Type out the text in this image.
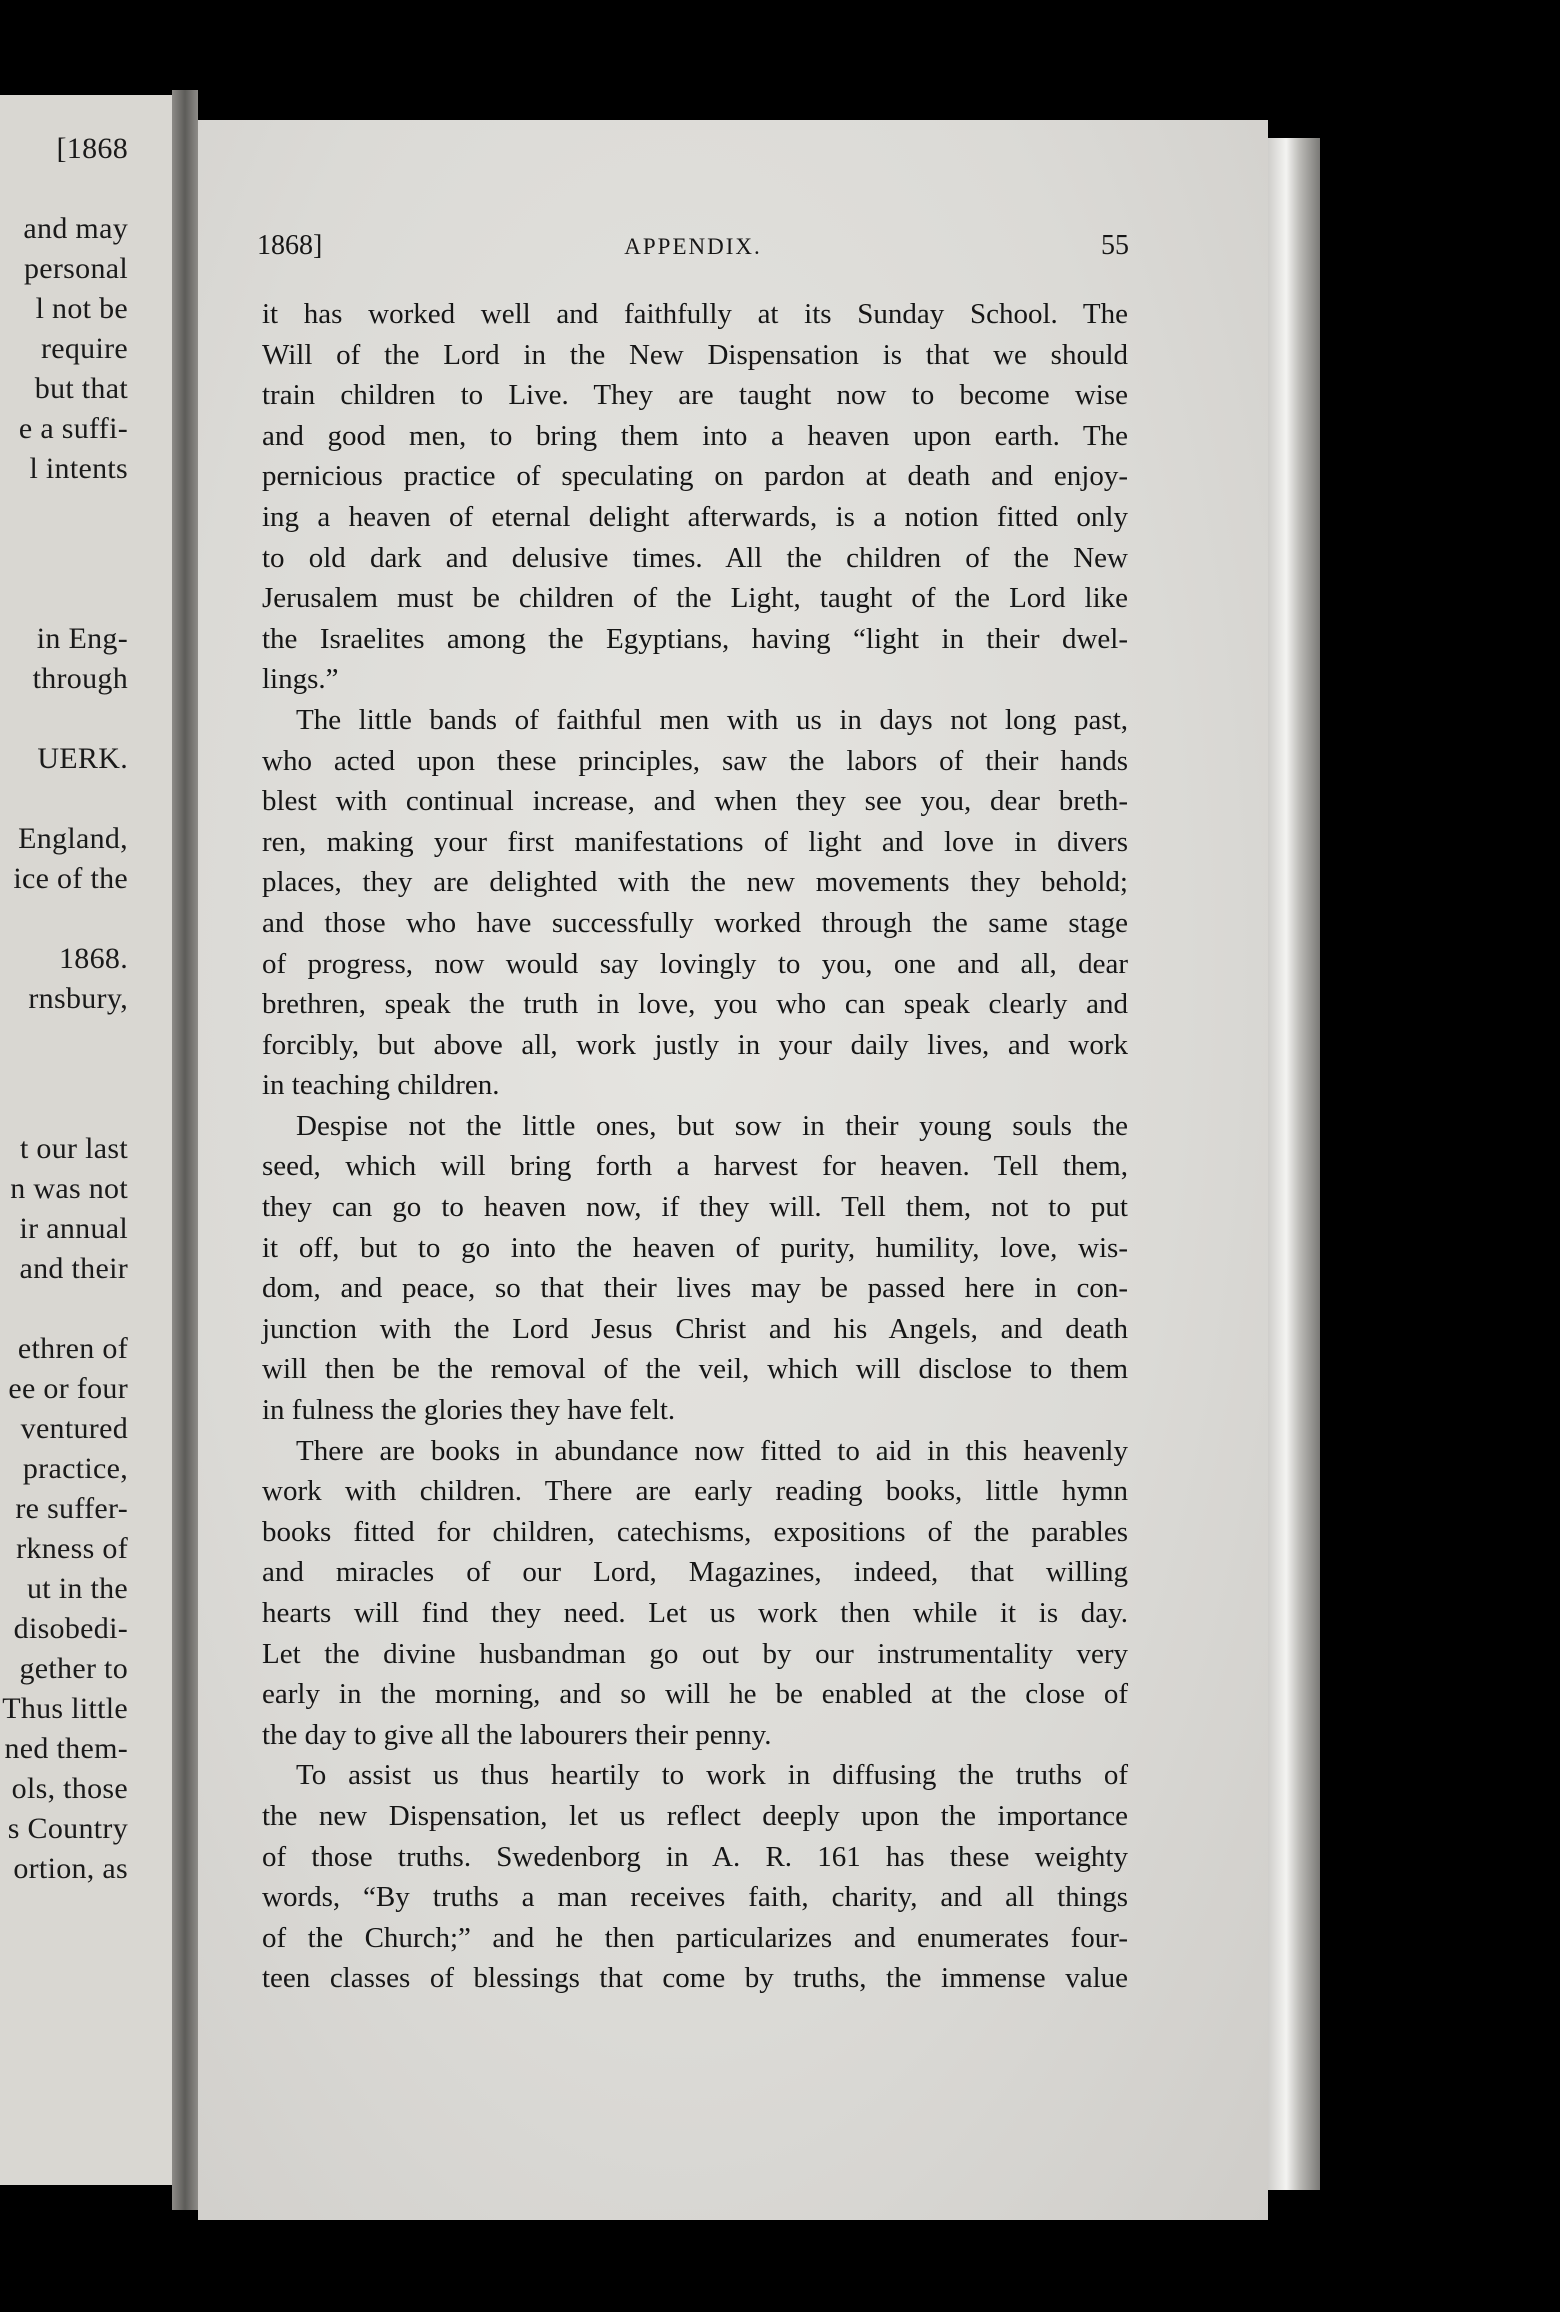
[1868
and may
personal
l not be
require
but that
e a suffi-
l intents
in Eng-
through
UERK.
England,
ice of the
1868.
rnsbury,
t our last
n was not
ir annual
and their
ethren of
ee or four
ventured
practice,
re suffer-
rkness of
ut in the
disobedi-
gether to
Thus little
ned them-
ols, those
s Country
ortion, as
1868]	APPENDIX.	55
it has worked well and faithfully at its Sunday School. The
Will of the Lord in the New Dispensation is that we should
train children to Live. They are taught now to become wise
and good men, to bring them into a heaven upon earth. The
pernicious practice of speculating on pardon at death and enjoy-
ing a heaven of eternal delight afterwards, is a notion fitted only
to old dark and delusive times. All the children of the New
Jerusalem must be children of the Light, taught of the Lord like
the Israelites among the Egyptians, having “light in their dwel-
lings.”
The little bands of faithful men with us in days not long past,
who acted upon these principles, saw the labors of their hands
blest with continual increase, and when they see you, dear breth-
ren, making your first manifestations of light and love in divers
places, they are delighted with the new movements they behold;
and those who have successfully worked through the same stage
of progress, now would say lovingly to you, one and all, dear
brethren, speak the truth in love, you who can speak clearly and
forcibly, but above all, work justly in your daily lives, and work
in teaching children.
Despise not the little ones, but sow in their young souls the
seed, which will bring forth a harvest for heaven. Tell them,
they can go to heaven now, if they will. Tell them, not to put
it off, but to go into the heaven of purity, humility, love, wis-
dom, and peace, so that their lives may be passed here in con-
junction with the Lord Jesus Christ and his Angels, and death
will then be the removal of the veil, which will disclose to them
in fulness the glories they have felt.
There are books in abundance now fitted to aid in this heavenly
work with children. There are early reading books, little hymn
books fitted for children, catechisms, expositions of the parables
and miracles of our Lord, Magazines, indeed, that willing
hearts will find they need. Let us work then while it is day.
Let the divine husbandman go out by our instrumentality very
early in the morning, and so will he be enabled at the close of
the day to give all the labourers their penny.
To assist us thus heartily to work in diffusing the truths of
the new Dispensation, let us reflect deeply upon the importance
of those truths. Swedenborg in A. R. 161 has these weighty
words, “By truths a man receives faith, charity, and all things
of the Church;” and he then particularizes and enumerates four-
teen classes of blessings that come by truths, the immense value
